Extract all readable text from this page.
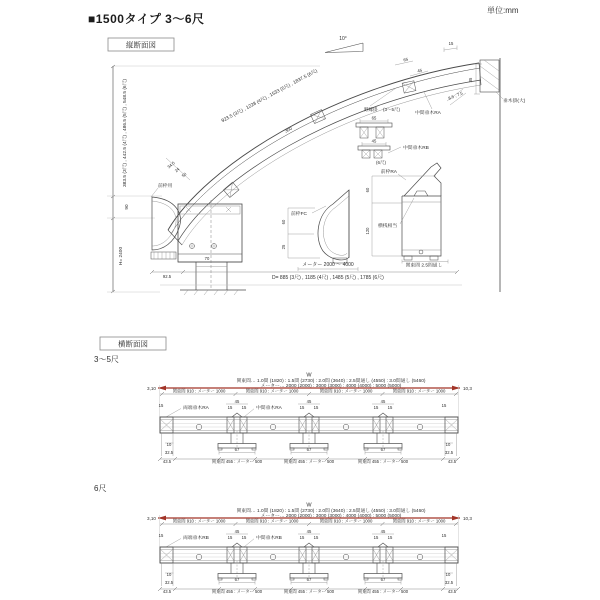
■1500タイプ 3〜6尺
単位:mm
縦断面図
383.5 (3尺) , 442.5 (4尺) , 486.5 (5尺) , 548.5 (6尺)
90
H= 2400
10°
15
923.5 (3尺) , 1228 (4尺) , 1533 (5尺) , 1837.5 (6尺)
300
65
45
34.5
24
50
前枠用
70
92.5
野縁掛 (3〜5尺)
中間垂木RA
65
45
中間垂木RB
(6尺)
前枠RA
前枠FC
60
25
メーター 2000 〜 4000
60
120
横桟相当
関東間 2.5間通し
35
8.5 , 7.5
垂木掛(大)
D= 885 (3尺) , 1185 (4尺) , 1485 (5尺) , 1785 (6尺)
横断面図
3〜5尺
6尺
W
関東間… 1.0間 (1820) : 1.5間 (2730) : 2.0間 (3640) : 2.5間通し (4550) : 3.0間通し (5460)
メーター… 2000 (2000) : 3000 (3000) : 4000 (4000) : 5000 (5000)
3,10	10,3
関東間 910 : メーター 1000	関東間 910 : メーター 1000	関東間 910 : メーター 1000	関東間 910 : メーター 1000
15	15
45	45	45
15 15	15 15	15 15
両端垂木RA	中間垂木RA
67	67	67
10	10
32.5	32.5
43.5	43.5
関東間 455 : メーター 500	関東間 455 : メーター 500	関東間 455 : メーター 500
W
関東間… 1.0間 (1820) : 1.5間 (2730) : 2.0間 (3640) : 2.5間通し (4550) : 3.0間通し (5460)
メーター… 2000 (2000) : 3000 (3000) : 4000 (4000) : 5000 (5000)
3,10	10,3
関東間 910 : メーター 1000	関東間 910 : メーター 1000	関東間 910 : メーター 1000	関東間 910 : メーター 1000
15	15
45	45	45
15 15	15 15	15 15
両端垂木RB	中間垂木RB
67	67	67
10	10
32.5	32.5
43.5	43.5
関東間 455 : メーター 500	関東間 455 : メーター 500	関東間 455 : メーター 500
